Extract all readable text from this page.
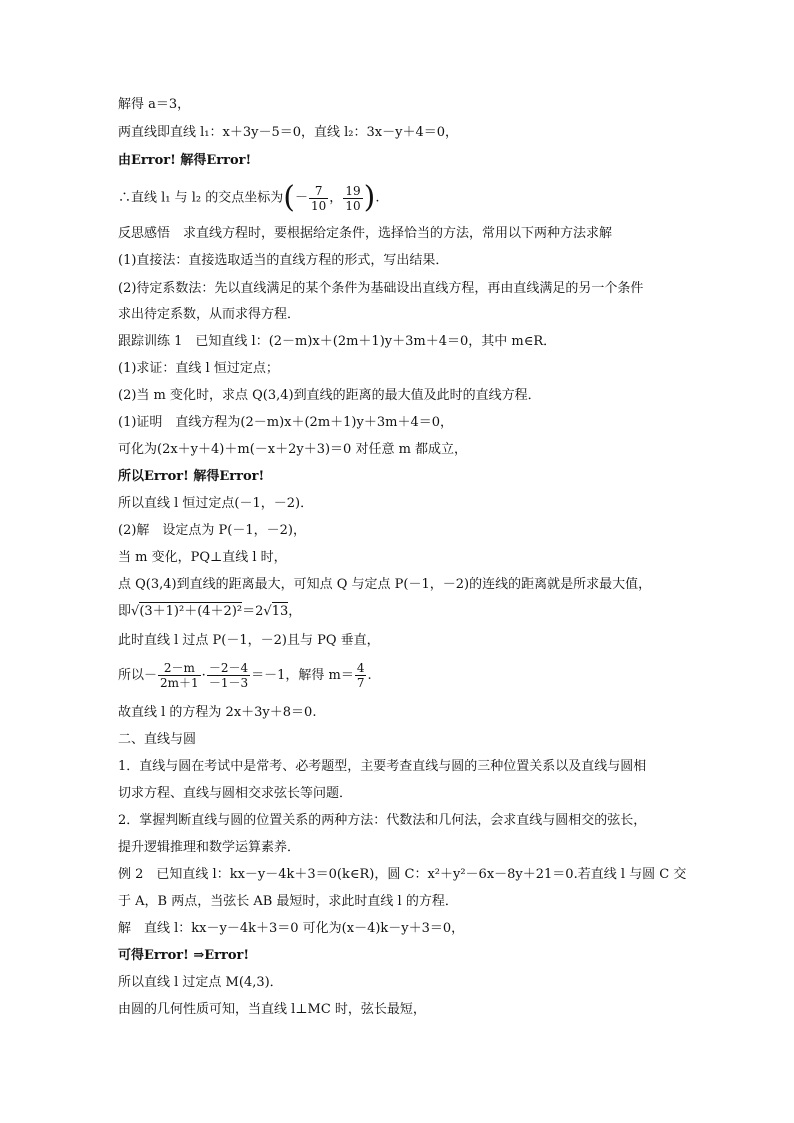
解得 a＝3，
两直线即直线 l₁：x＋3y－5＝0，直线 l₂：3x－y＋4＝0，
由Error! 解得Error!
∴直线 l₁ 与 l₂ 的交点坐标为(－ $\frac{7}{10}$ ， $\frac{19}{10}$ ).
反思感悟　求直线方程时，要根据给定条件，选择恰当的方法，常用以下两种方法求解
(1)直接法：直接选取适当的直线方程的形式，写出结果．
(2)待定系数法：先以直线满足的某个条件为基础设出直线方程，再由直线满足的另一个条件
求出待定系数，从而求得方程．
跟踪训练 1　已知直线 l：(2－m)x＋(2m＋1)y＋3m＋4＝0，其中 m∈R．
(1)求证：直线 l 恒过定点；
(2)当 m 变化时，求点 Q(3,4)到直线的距离的最大值及此时的直线方程．
(1)证明　直线方程为(2－m)x＋(2m＋1)y＋3m＋4＝0，
可化为(2x＋y＋4)＋m(－x＋2y＋3)＝0 对任意 m 都成立，
所以Error! 解得Error!
所以直线 l 恒过定点(－1，－2)．
(2)解　设定点为 P(－1，－2)，
当 m 变化，PQ⊥直线 l 时，
点 Q(3,4)到直线的距离最大，可知点 Q 与定点 P(－1，－2)的连线的距离就是所求最大值，
即√(3＋1)²＋(4＋2)²＝2√13，
此时直线 l 过点 P(－1，－2)且与 PQ 垂直，
所以－ $\frac{2-m}{2m+1} \cdot \frac{-2-4}{-1-3} =-1$，解得 $m= \frac{4}{7}$ .
故直线 l 的方程为 2x＋3y＋8＝0.
二、直线与圆
1．直线与圆在考试中是常考、必考题型，主要考查直线与圆的三种位置关系以及直线与圆相
切求方程、直线与圆相交求弦长等问题．
2．掌握判断直线与圆的位置关系的两种方法：代数法和几何法，会求直线与圆相交的弦长，
提升逻辑推理和数学运算素养．
例 2　已知直线 l：kx－y－4k＋3＝0(k∈R)，圆 C：x²＋y²－6x－8y＋21＝0.若直线 l 与圆 C 交
于 A，B 两点，当弦长 AB 最短时，求此时直线 l 的方程．
解　直线 l：kx－y－4k＋3＝0 可化为(x－4)k－y＋3＝0，
可得Error! ⇒Error!
所以直线 l 过定点 M(4,3)．
由圆的几何性质可知，当直线 l⊥MC 时，弦长最短，
